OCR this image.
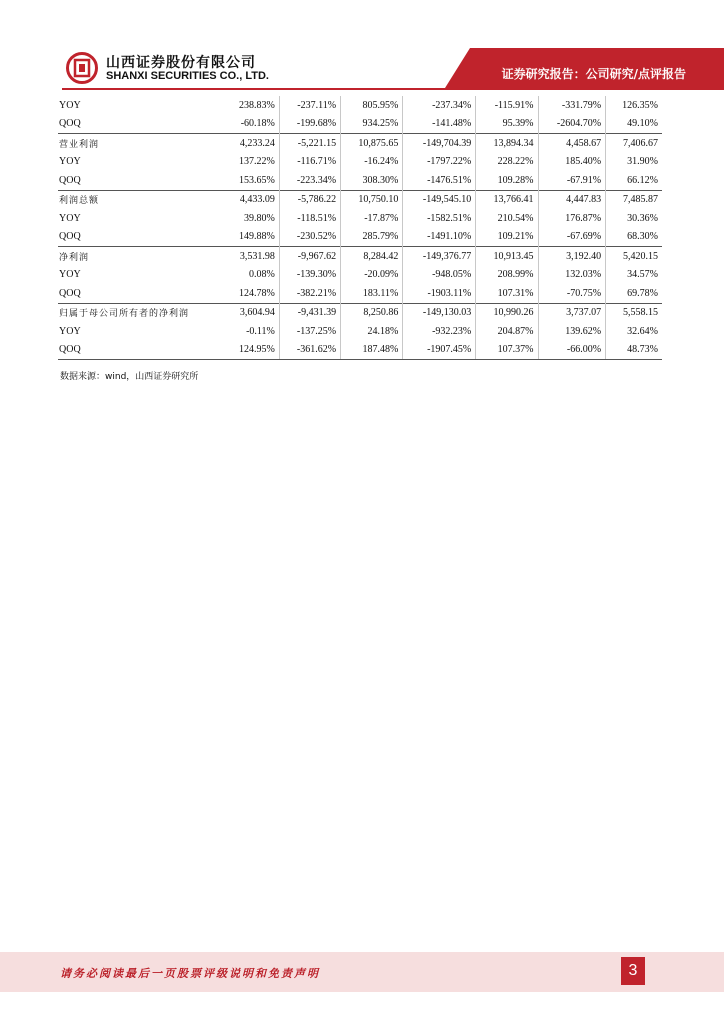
山西证券股份有限公司
SHANXI SECURITIES CO., LTD.	证券研究报告：公司研究/点评报告
YOY	238.83%	-237.11%	805.95%	-237.34%	-115.91%	-331.79%	126.35%
QOQ	-60.18%	-199.68%	934.25%	-141.48%	95.39%	-2604.70%	49.10%
营业利润	4,233.24	-5,221.15	10,875.65	-149,704.39	13,894.34	4,458.67	7,406.67
YOY	137.22%	-116.71%	-16.24%	-1797.22%	228.22%	185.40%	31.90%
QOQ	153.65%	-223.34%	308.30%	-1476.51%	109.28%	-67.91%	66.12%
利润总额	4,433.09	-5,786.22	10,750.10	-149,545.10	13,766.41	4,447.83	7,485.87
YOY	39.80%	-118.51%	-17.87%	-1582.51%	210.54%	176.87%	30.36%
QOQ	149.88%	-230.52%	285.79%	-1491.10%	109.21%	-67.69%	68.30%
净利润	3,531.98	-9,967.62	8,284.42	-149,376.77	10,913.45	3,192.40	5,420.15
YOY	0.08%	-139.30%	-20.09%	-948.05%	208.99%	132.03%	34.57%
QOQ	124.78%	-382.21%	183.11%	-1903.11%	107.31%	-70.75%	69.78%
归属于母公司所有者的净利润	3,604.94	-9,431.39	8,250.86	-149,130.03	10,990.26	3,737.07	5,558.15
YOY	-0.11%	-137.25%	24.18%	-932.23%	204.87%	139.62%	32.64%
QOQ	124.95%	-361.62%	187.48%	-1907.45%	107.37%	-66.00%	48.73%
数据来源：wind，山西证券研究所
请务必阅读最后一页股票评级说明和免责声明	3
